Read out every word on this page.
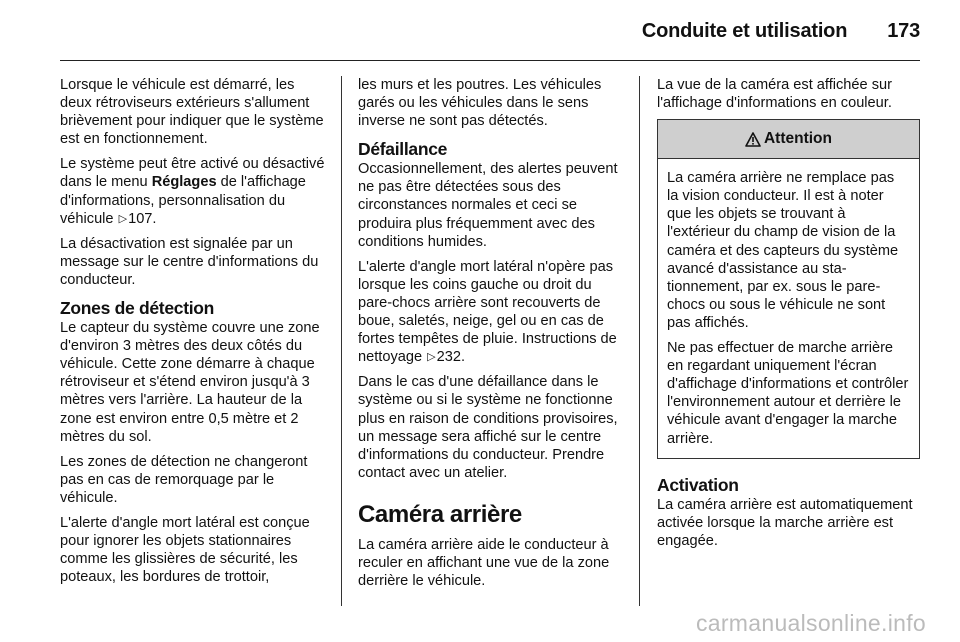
Conduite et utilisation 173

Lorsque le véhicule est démarré, les deux rétroviseurs extérieurs s'allument brièvement pour indiquer que le système est en fonctionnement.

Le système peut être activé ou désactivé dans le menu Réglages de l'affichage d'informations, personnalisation du véhicule ▷107.

La désactivation est signalée par un message sur le centre d'informations du conducteur.

Zones de détection

Le capteur du système couvre une zone d'environ 3 mètres des deux côtés du véhicule. Cette zone démarre à chaque rétroviseur et s'étend environ jusqu'à 3 mètres vers l'arrière. La hauteur de la zone est environ entre 0,5 mètre et 2 mètres du sol.

Les zones de détection ne changeront pas en cas de remorquage par le véhicule.

L'alerte d'angle mort latéral est conçue pour ignorer les objets stationnaires comme les glissières de sécurité, les poteaux, les bordures de trottoir,

les murs et les poutres. Les véhicules garés ou les véhicules dans le sens inverse ne sont pas détectés.

Défaillance

Occasionnellement, des alertes peuvent ne pas être détectées sous des circonstances normales et ceci se produira plus fréquemment avec des conditions humides.

L'alerte d'angle mort latéral n'opère pas lorsque les coins gauche ou droit du pare-chocs arrière sont recouverts de boue, saletés, neige, gel ou en cas de fortes tempêtes de pluie. Instructions de nettoyage ▷232.

Dans le cas d'une défaillance dans le système ou si le système ne fonctionne plus en raison de conditions provisoires, un message sera affiché sur le centre d'informations du conducteur. Prendre contact avec un atelier.

Caméra arrière

La caméra arrière aide le conducteur à reculer en affichant une vue de la zone derrière le véhicule.

La vue de la caméra est affichée sur l'affichage d'informations en couleur.

Attention

La caméra arrière ne remplace pas la vision conducteur. Il est à noter que les objets se trouvant à l'extérieur du champ de vision de la caméra et des capteurs du système avancé d'assistance au stationnement, par ex. sous le pare-chocs ou sous le véhicule ne sont pas affichés.

Ne pas effectuer de marche arrière en regardant uniquement l'écran d'affichage d'informations et contrôler l'environnement autour et derrière le véhicule avant d'engager la marche arrière.

Activation

La caméra arrière est automatiquement activée lorsque la marche arrière est engagée.

carmanualsonline.info
